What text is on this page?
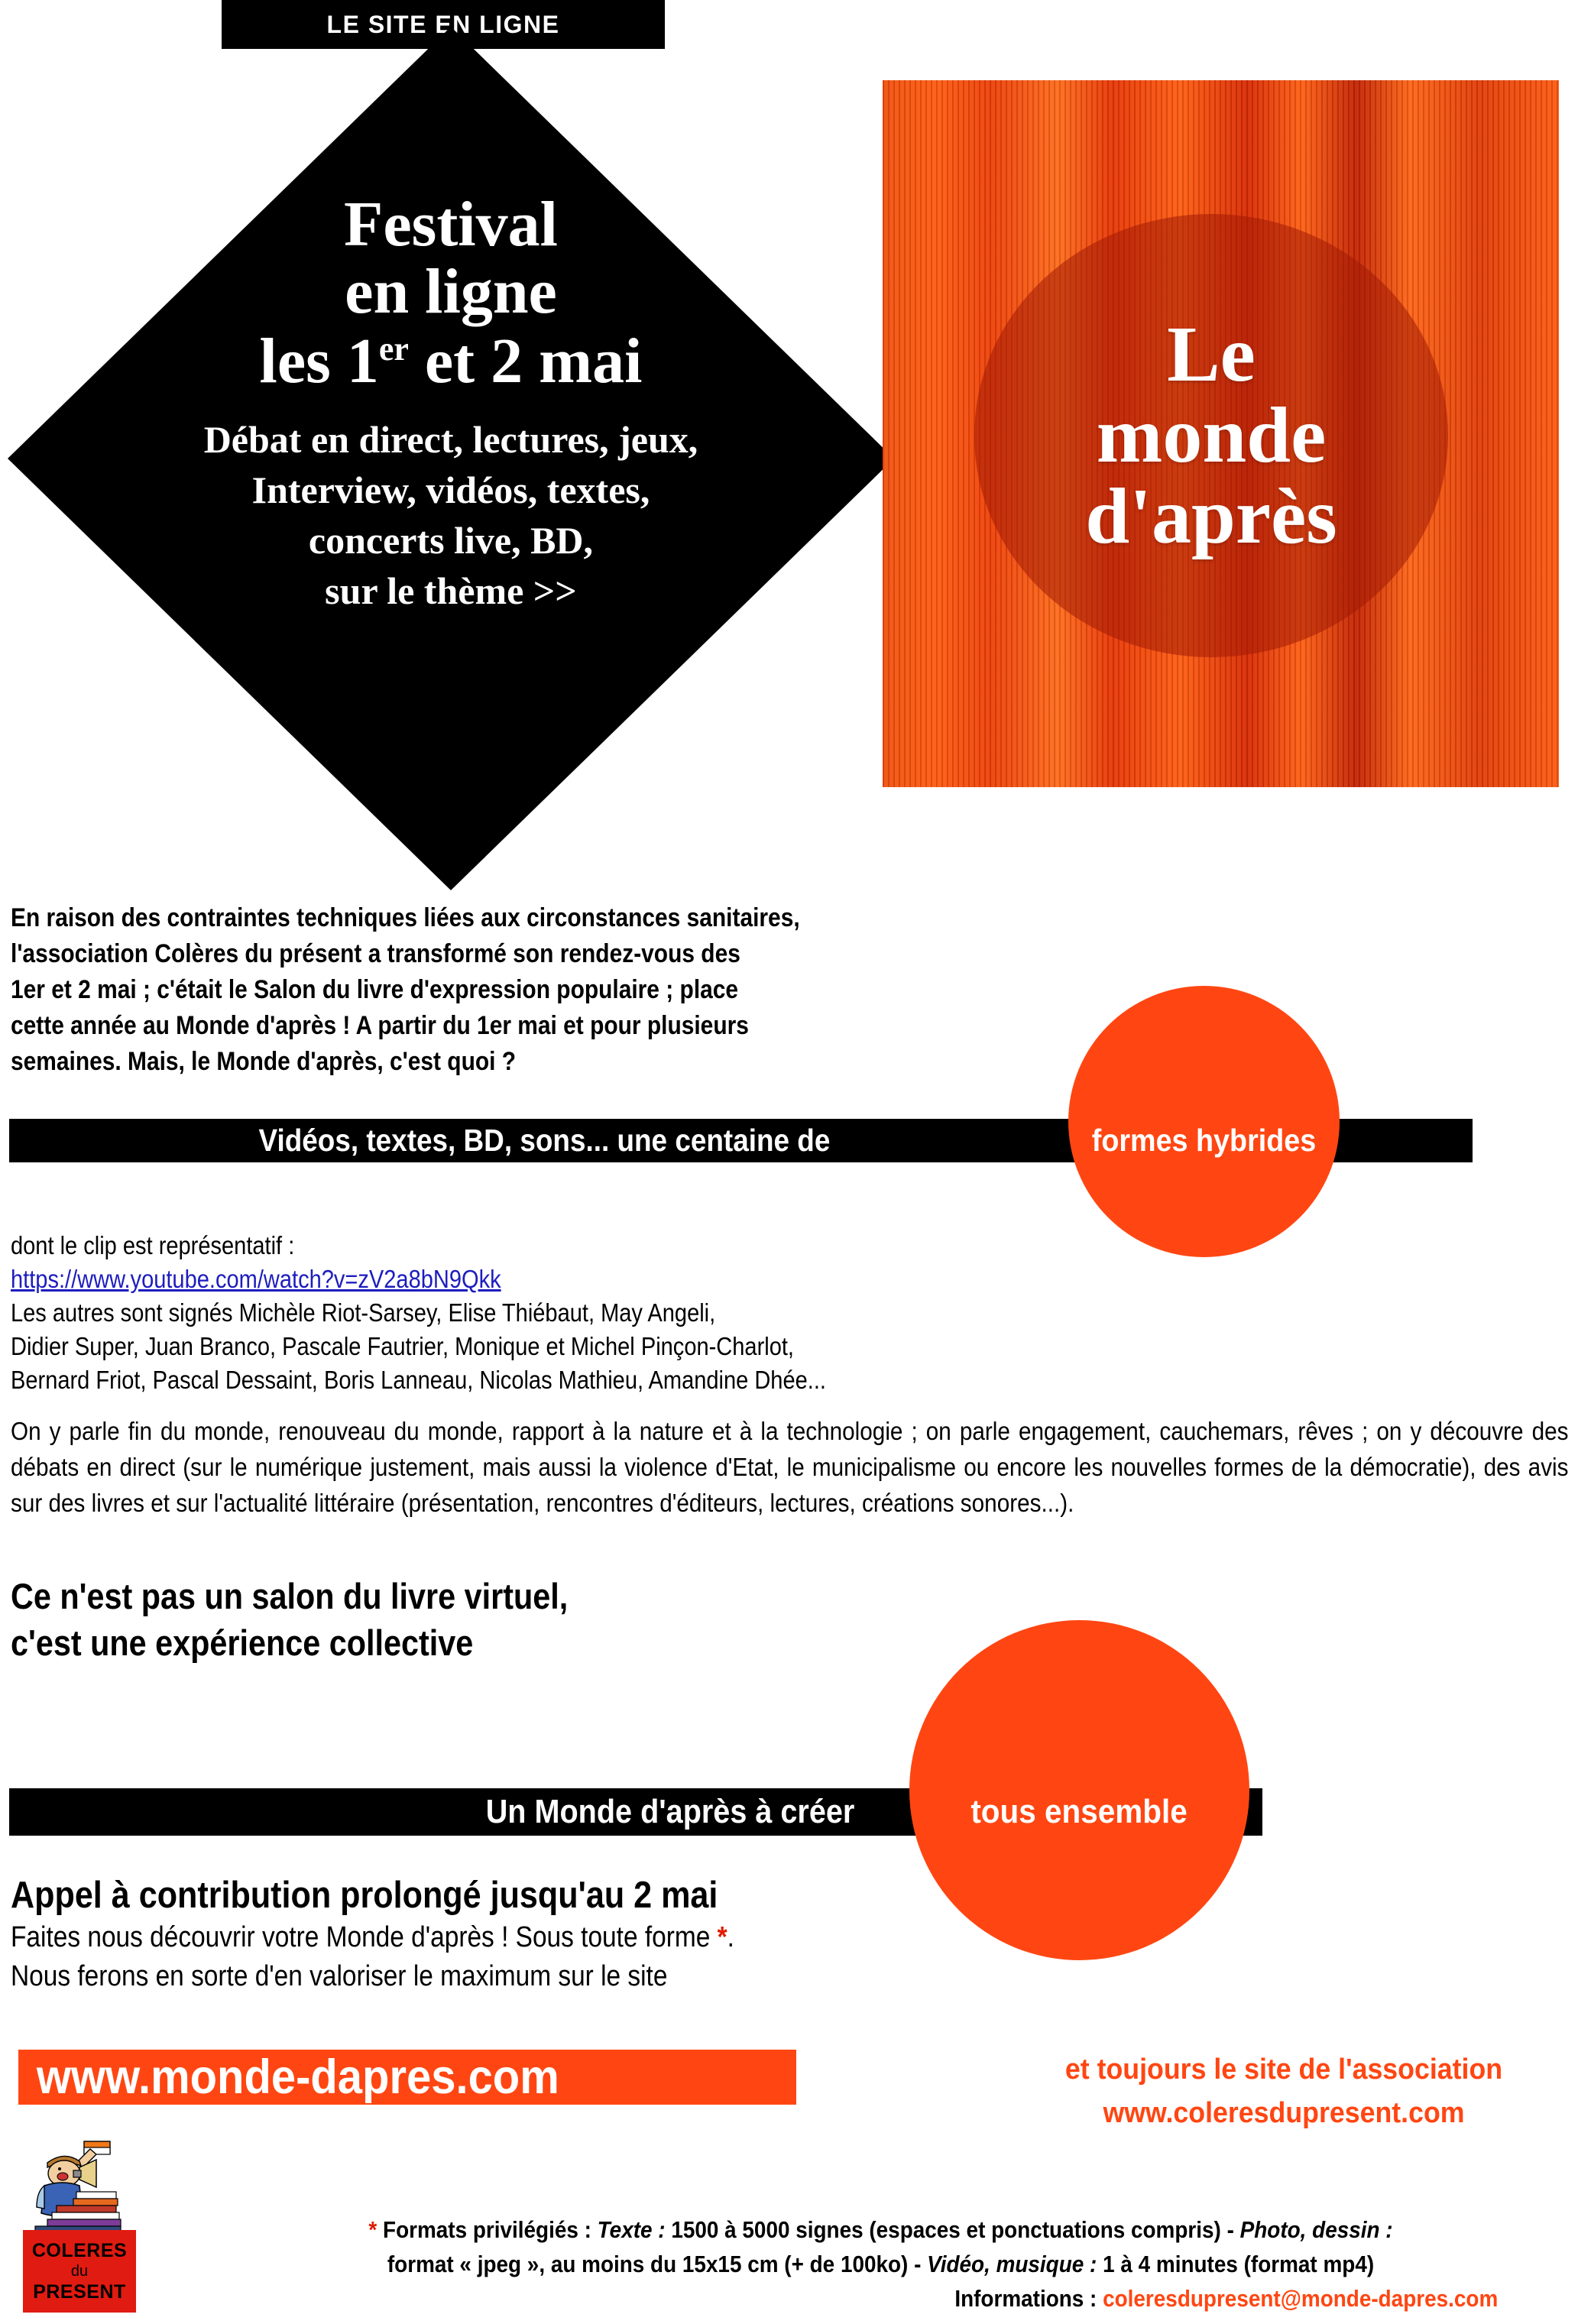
LE SITE EN LIGNE
Festival
en ligne
les 1er et 2 mai
Débat en direct, lectures, jeux,
Interview, vidéos, textes,
concerts live, BD,
sur le thème >>
Le
monde
d'après

En raison des contraintes techniques liées aux circonstances sanitaires,

l'association Colères du présent a transformé son rendez-vous des

1er et 2 mai ; c'était le Salon du livre d'expression populaire ; place

cette année au Monde d'après ! A partir du 1er mai et pour plusieurs

semaines. Mais, le Monde d'après, c'est quoi ?

Vidéos, textes, BD, sons... une centaine de	formes hybrides
dont le clip est représentatif :
https://www.youtube.com/watch?v=zV2a8bN9Qkk
Les autres sont signés Michèle Riot-Sarsey, Elise Thiébaut, May Angeli,
Didier Super, Juan Branco, Pascale Fautrier, Monique et Michel Pinçon-Charlot,
Bernard Friot, Pascal Dessaint, Boris Lanneau, Nicolas Mathieu, Amandine Dhée...

On y parle fin du monde, renouveau du monde, rapport à la nature et à la technologie ; on parle engagement, cauchemars, rêves ; on y découvre des débats en direct (sur le numérique justement, mais aussi la violence d'Etat, le municipalisme ou encore les nouvelles formes de la démocratie), des avis sur des livres et sur l'actualité littéraire (présentation, rencontres d'éditeurs, lectures, créations sonores...).

Ce n'est pas un salon du livre virtuel,
c'est une expérience collective
Un Monde d'après à créer	tous ensemble
Appel à contribution prolongé jusqu'au 2 mai
Faites nous découvrir votre Monde d'après ! Sous toute forme *.
Nous ferons en sorte d'en valoriser le maximum sur le site
www.monde-dapres.com	et toujours le site de l'association
www.coleresdupresent.com
COLERES
du
PRESENT
* Formats privilégiés : Texte : 1500 à 5000 signes (espaces et ponctuations compris) - Photo, dessin :
format « jpeg », au moins du 15x15 cm (+ de 100ko) - Vidéo, musique : 1 à 4 minutes (format mp4)
Informations : coleresdupresent@monde-dapres.com
